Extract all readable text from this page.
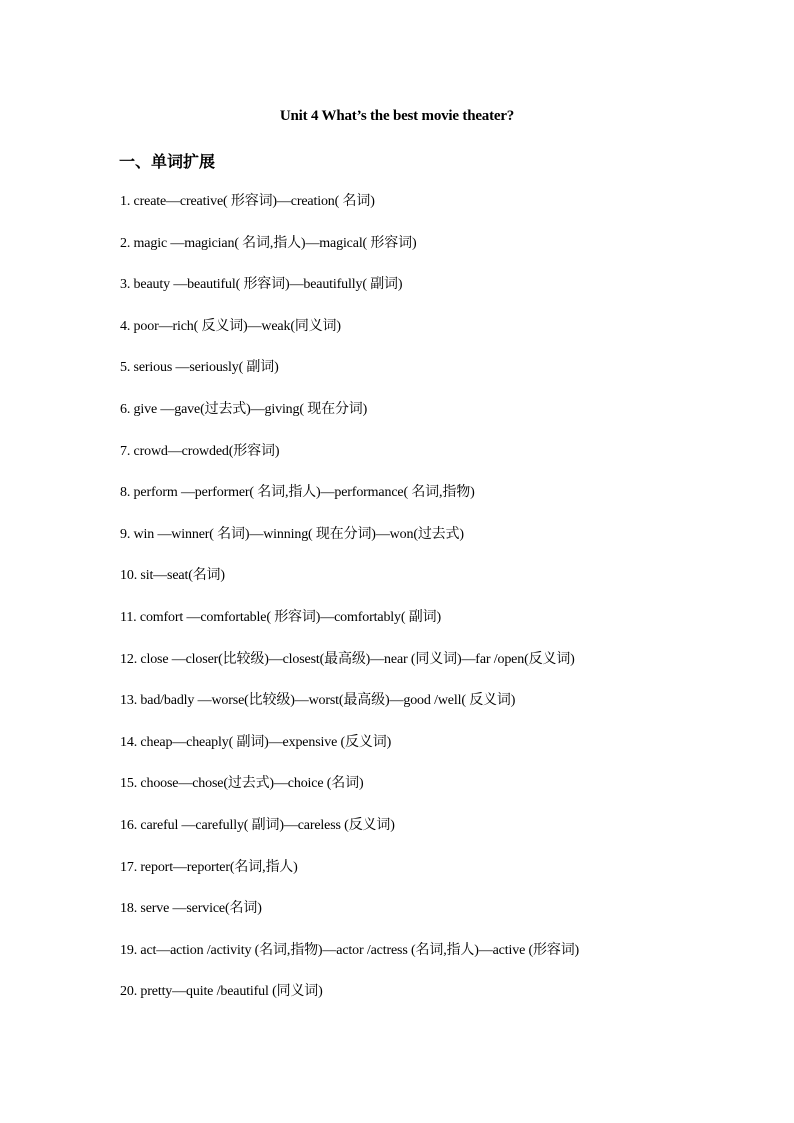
Unit 4 What’s the best movie theater?
一、单词扩展
1. create—creative( 形容词)—creation( 名词)
2. magic —magician( 名词,指人)—magical( 形容词)
3. beauty —beautiful( 形容词)—beautifully( 副词)
4. poor—rich( 反义词)—weak(同义词)
5. serious —seriously( 副词)
6. give —gave(过去式)—giving( 现在分词)
7. crowd—crowded(形容词)
8. perform —performer( 名词,指人)—performance( 名词,指物)
9. win —winner( 名词)—winning( 现在分词)—won(过去式)
10. sit—seat(名词)
11. comfort —comfortable( 形容词)—comfortably( 副词)
12. close —closer(比较级)—closest(最高级)—near (同义词)—far /open(反义词)
13. bad/badly —worse(比较级)—worst(最高级)—good /well( 反义词)
14. cheap—cheaply( 副词)—expensive (反义词)
15. choose—chose(过去式)—choice (名词)
16. careful —carefully( 副词)—careless (反义词)
17. report—reporter(名词,指人)
18. serve —service(名词)
19. act—action /activity (名词,指物)—actor /actress (名词,指人)—active (形容词)
20. pretty—quite /beautiful (同义词)
